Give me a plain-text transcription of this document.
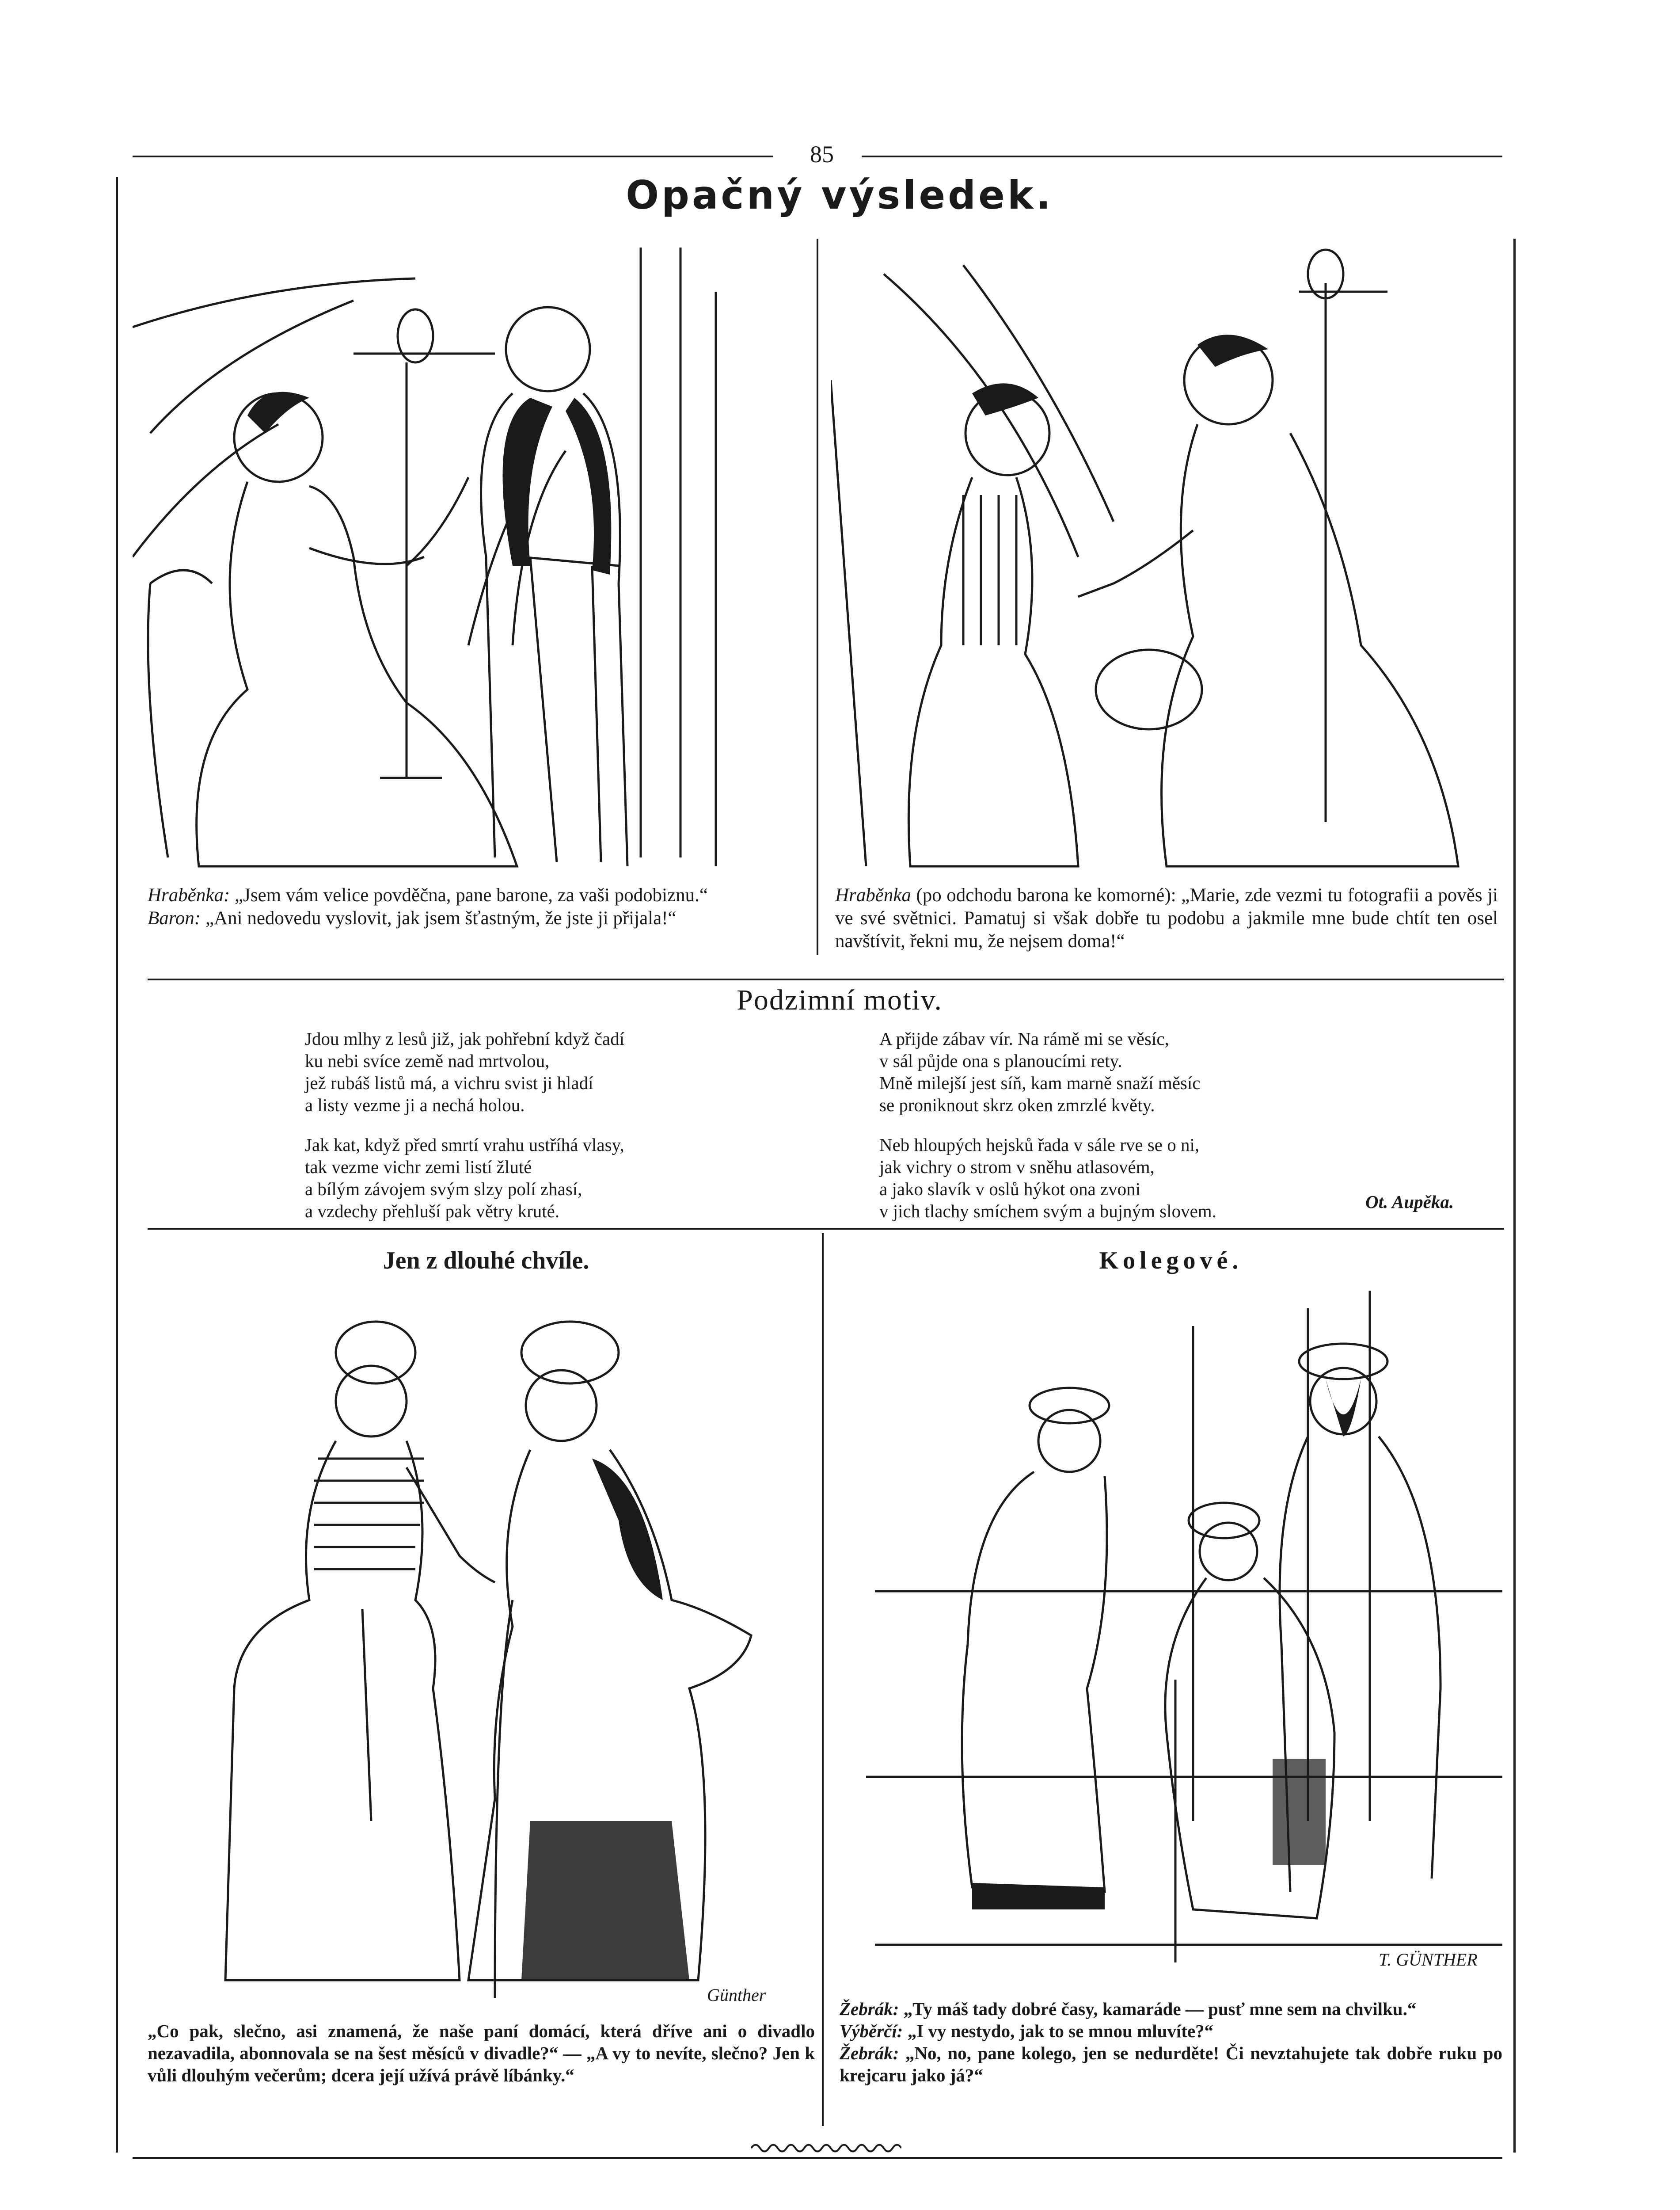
85
Opačný výsledek.
Hraběnka: „Jsem vám velice povděčna, pane barone, za vaši podobiznu.“
Baron: „Ani nedovedu vyslovit, jak jsem šťastným, že jste ji přijala!“
Hraběnka (po odchodu barona ke komorné): „Marie, zde vezmi tu fotografii a pověs ji ve své světnici. Pamatuj si však dobře tu podobu a jakmile mne bude chtít ten osel navštívit, řekni mu, že nejsem doma!“
Podzimní motiv.
Jdou mlhy z lesů již, jak pohřební když čadí
ku nebi svíce země nad mrtvolou,
jež rubáš listů má, a vichru svist ji hladí
a listy vezme ji a nechá holou.
Jak kat, když před smrtí vrahu ustříhá vlasy,
tak vezme vichr zemi listí žluté
a bílým závojem svým slzy polí zhasí,
a vzdechy přehluší pak větry kruté.
A přijde zábav vír. Na rámě mi se věsíc,
v sál půjde ona s planoucími rety.
Mně milejší jest síň, kam marně snaží měsíc
se proniknout skrz oken zmrzlé květy.
Neb hloupých hejsků řada v sále rve se o ni,
jak vichry o strom v sněhu atlasovém,
a jako slavík v oslů hýkot ona zvoni
v jich tlachy smíchem svým a bujným slovem.	Ot. Aupěka.
Jen z dlouhé chvíle.	Kolegové.
Günther
T. GÜNTHER
„Co pak, slečno, asi znamená, že naše paní domácí, která dříve ani o divadlo nezavadila, abonnovala se na šest měsíců v divadle?“ — „A vy to nevíte, slečno? Jen k vůli dlouhým večerům; dcera její užívá právě líbánky.“
Žebrák: „Ty máš tady dobré časy, kamaráde — pusť mne sem na chvilku.“
Výběrčí: „I vy nestydo, jak to se mnou mluvíte?“
Žebrák: „No, no, pane kolego, jen se nedurděte! Či nevztahujete tak dobře ruku po krejcaru jako já?“
